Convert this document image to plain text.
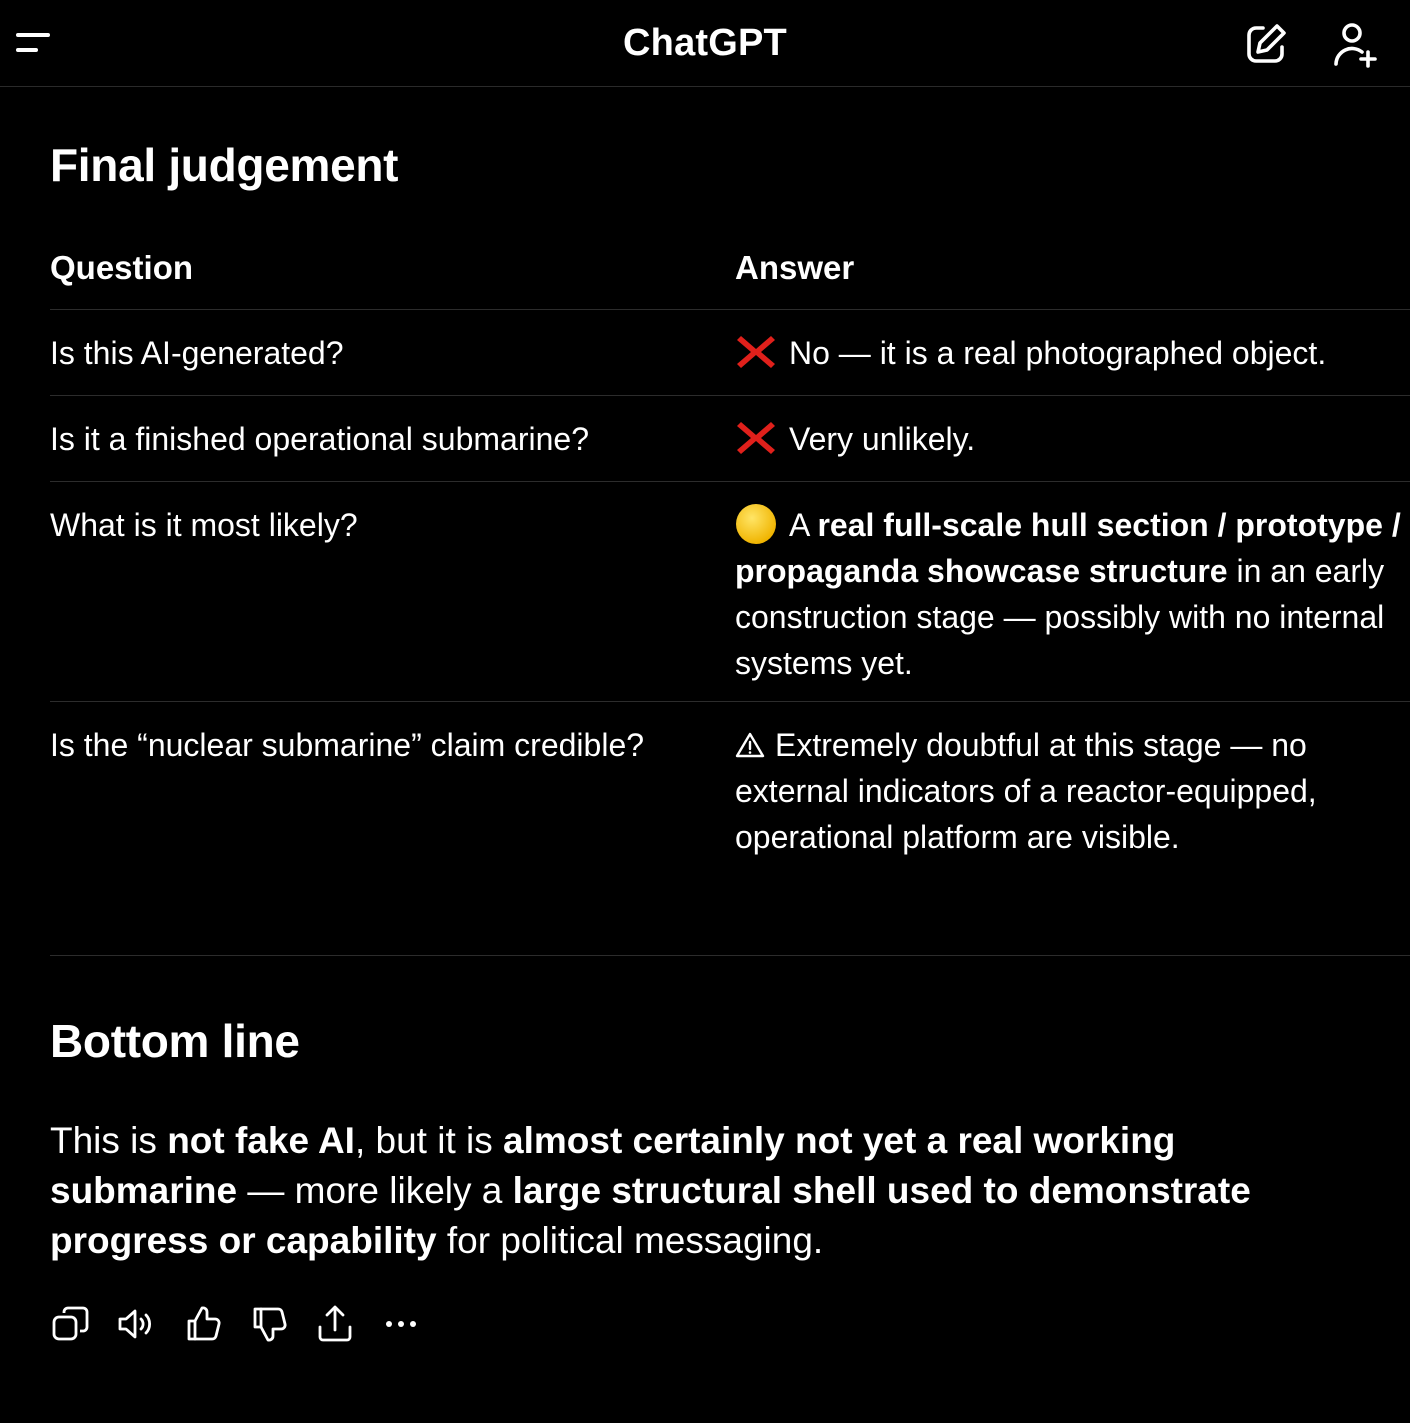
ChatGPT
Final judgement
Question	Answer
Is this AI-generated?	No — it is a real photographed object.
Is it a finished operational submarine?	Very unlikely.
What is it most likely?	A real full-scale hull section / prototype / propaganda showcase structure in an early construction stage — possibly with no internal systems yet.
Is the “nuclear submarine” claim credible?	Extremely doubtful at this stage — no external indicators of a reactor-equipped, operational platform are visible.
Bottom line

This is not fake AI, but it is almost certainly not yet a real working submarine — more likely a large structural shell used to demonstrate progress or capability for political messaging.
